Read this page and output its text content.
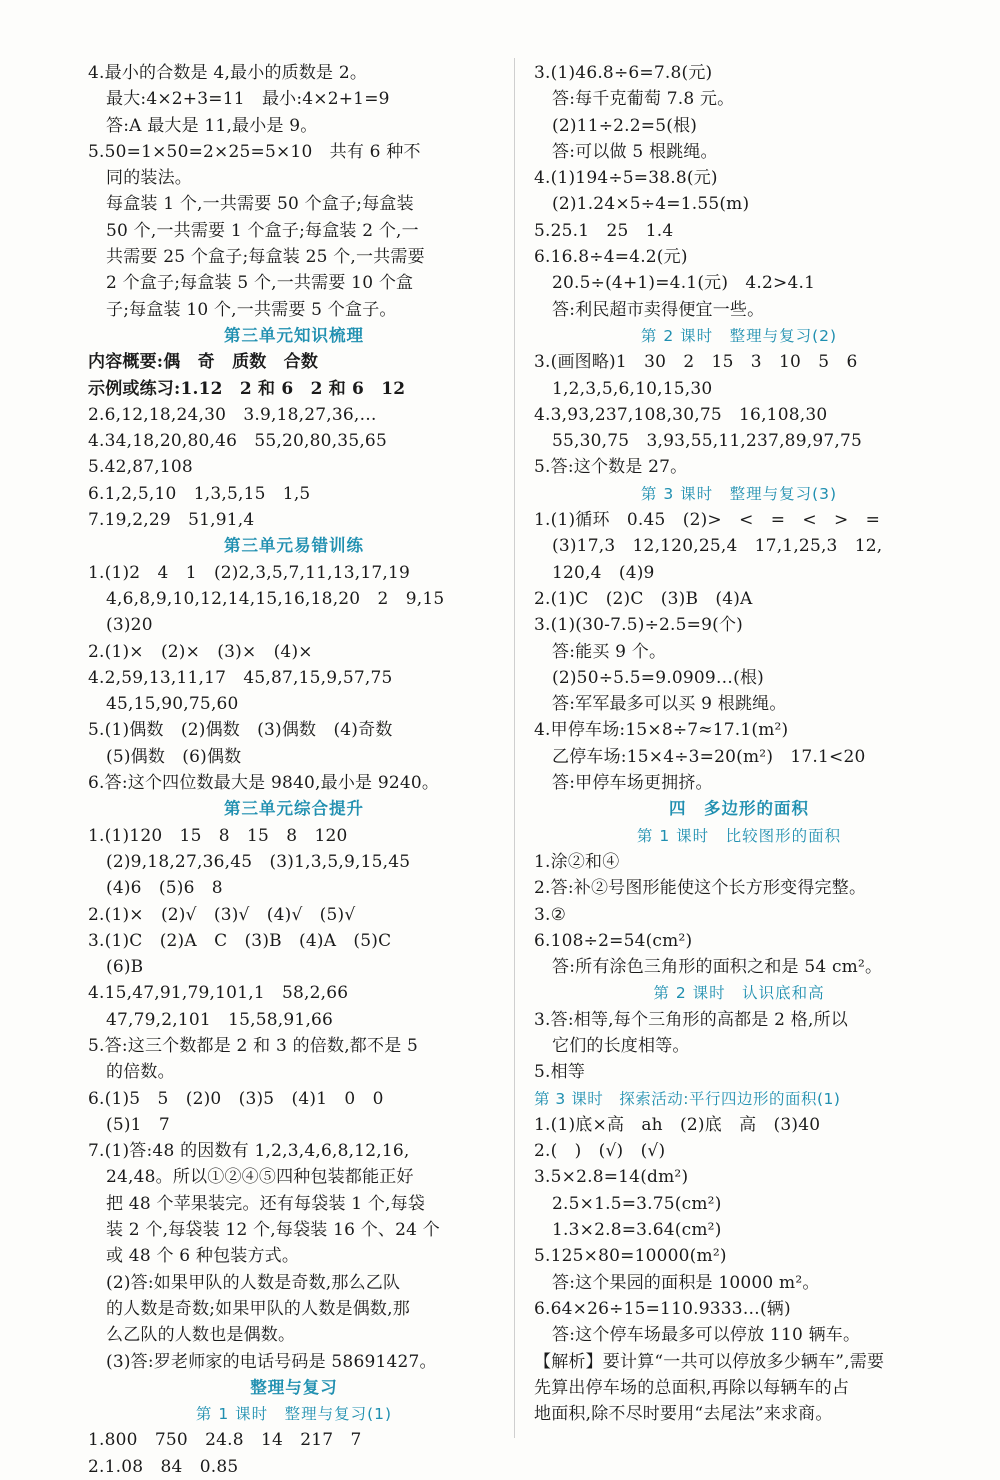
4.最小的合数是 4,最小的质数是 2。
最大:4×2+3=11　最小:4×2+1=9
答:A 最大是 11,最小是 9。
5.50=1×50=2×25=5×10　共有 6 种不
同的装法。
每盒装 1 个,一共需要 50 个盒子;每盒装
50 个,一共需要 1 个盒子;每盒装 2 个,一
共需要 25 个盒子;每盒装 25 个,一共需要
2 个盒子;每盒装 5 个,一共需要 10 个盒
子;每盒装 10 个,一共需要 5 个盒子。
第三单元知识梳理
内容概要:偶　奇　质数　合数
示例或练习:1.12　2 和 6　2 和 6　12
2.6,12,18,24,30　3.9,18,27,36,…
4.34,18,20,80,46　55,20,80,35,65
5.42,87,108
6.1,2,5,10　1,3,5,15　1,5
7.19,2,29　51,91,4
第三单元易错训练
1.(1)2　4　1　(2)2,3,5,7,11,13,17,19
4,6,8,9,10,12,14,15,16,18,20　2　9,15
(3)20
2.(1)×　(2)×　(3)×　(4)×
4.2,59,13,11,17　45,87,15,9,57,75
45,15,90,75,60
5.(1)偶数　(2)偶数　(3)偶数　(4)奇数
(5)偶数　(6)偶数
6.答:这个四位数最大是 9840,最小是 9240。
第三单元综合提升
1.(1)120　15　8　15　8　120
(2)9,18,27,36,45　(3)1,3,5,9,15,45
(4)6　(5)6　8
2.(1)×　(2)√　(3)√　(4)√　(5)√
3.(1)C　(2)A　C　(3)B　(4)A　(5)C
(6)B
4.15,47,91,79,101,1　58,2,66
47,79,2,101　15,58,91,66
5.答:这三个数都是 2 和 3 的倍数,都不是 5
的倍数。
6.(1)5　5　(2)0　(3)5　(4)1　0　0
(5)1　7
7.(1)答:48 的因数有 1,2,3,4,6,8,12,16,
24,48。所以①②④⑤四种包装都能正好
把 48 个苹果装完。还有每袋装 1 个,每袋
装 2 个,每袋装 12 个,每袋装 16 个、24 个
或 48 个 6 种包装方式。
(2)答:如果甲队的人数是奇数,那么乙队
的人数是奇数;如果甲队的人数是偶数,那
么乙队的人数也是偶数。
(3)答:罗老师家的电话号码是 58691427。
整理与复习
第 1 课时　整理与复习(1)
1.800　750　24.8　14　217　7
2.1.08　84　0.85
3.(1)46.8÷6=7.8(元)
答:每千克葡萄 7.8 元。
(2)11÷2.2=5(根)
答:可以做 5 根跳绳。
4.(1)194÷5=38.8(元)
(2)1.24×5÷4=1.55(m)
5.25.1　25　1.4
6.16.8÷4=4.2(元)
20.5÷(4+1)=4.1(元)　4.2>4.1
答:利民超市卖得便宜一些。
第 2 课时　整理与复习(2)
3.(画图略)1　30　2　15　3　10　5　6
1,2,3,5,6,10,15,30
4.3,93,237,108,30,75　16,108,30
55,30,75　3,93,55,11,237,89,97,75
5.答:这个数是 27。
第 3 课时　整理与复习(3)
1.(1)循环　0.45　(2)>　<　=　<　>　=
(3)17,3　12,120,25,4　17,1,25,3　12,
120,4　(4)9
2.(1)C　(2)C　(3)B　(4)A
3.(1)(30-7.5)÷2.5=9(个)
答:能买 9 个。
(2)50÷5.5=9.0909…(根)
答:军军最多可以买 9 根跳绳。
4.甲停车场:15×8÷7≈17.1(m²)
乙停车场:15×4÷3=20(m²)　17.1<20
答:甲停车场更拥挤。
四　多边形的面积
第 1 课时　比较图形的面积
1.涂②和④
2.答:补②号图形能使这个长方形变得完整。
3.②
6.108÷2=54(cm²)
答:所有涂色三角形的面积之和是 54 cm²。
第 2 课时　认识底和高
3.答:相等,每个三角形的高都是 2 格,所以
它们的长度相等。
5.相等
第 3 课时　探索活动:平行四边形的面积(1)
1.(1)底×高　ah　(2)底　高　(3)40
2.(　)　(√)　(√)
3.5×2.8=14(dm²)
2.5×1.5=3.75(cm²)
1.3×2.8=3.64(cm²)
5.125×80=10000(m²)
答:这个果园的面积是 10000 m²。
6.64×26÷15=110.9333…(辆)
答:这个停车场最多可以停放 110 辆车。
【解析】要计算“一共可以停放多少辆车”,需要
先算出停车场的总面积,再除以每辆车的占
地面积,除不尽时要用“去尾法”来求商。
